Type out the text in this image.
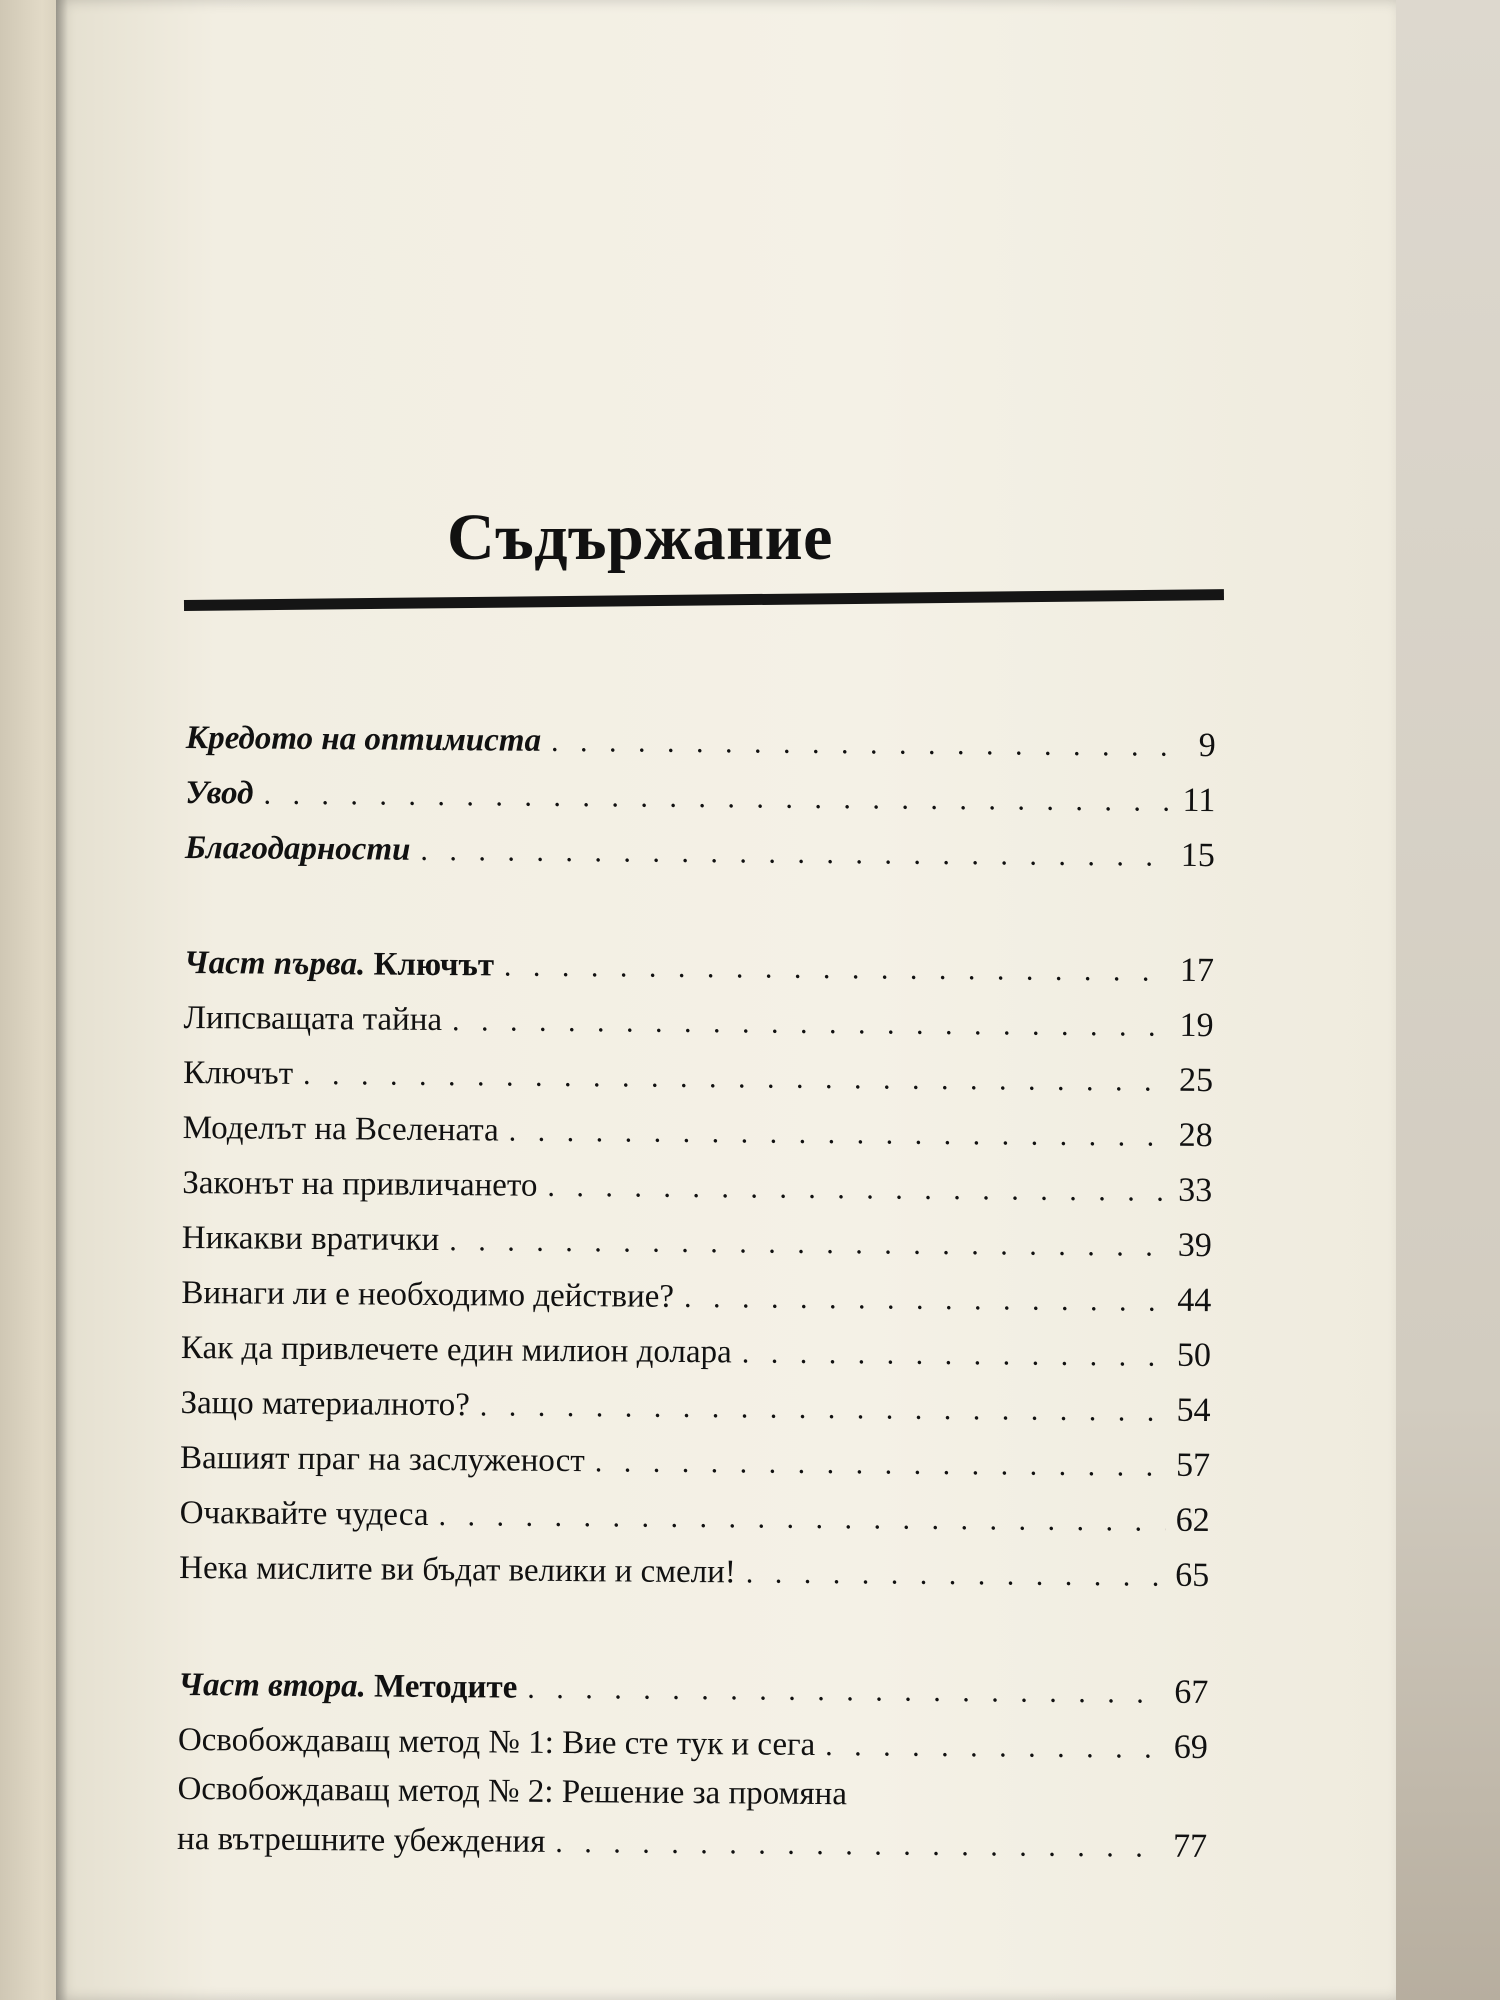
Съдържание
Кредото на оптимиста . . .	9
Увод . . .	11
Благодарности . . .	15
Част първа. Ключът . . .	17
Липсващата тайна . . .	19
Ключът . . .	25
Моделът на Вселената . . .	28
Законът на привличането . . .	33
Никакви вратички . . .	39
Винаги ли е необходимо действие? . . .	44
Как да привлечете един милион долара . . .	50
Защо материалното? . . .	54
Вашият праг на заслуженост . . .	57
Очаквайте чудеса . . .	62
Нека мислите ви бъдат велики и смели! . . .	65
Част втора. Методите . . .	67
Освобождаващ метод № 1: Вие сте тук и сега . . .	69
Освобождаващ метод № 2: Решение за промяна
на вътрешните убеждения . . .	77
